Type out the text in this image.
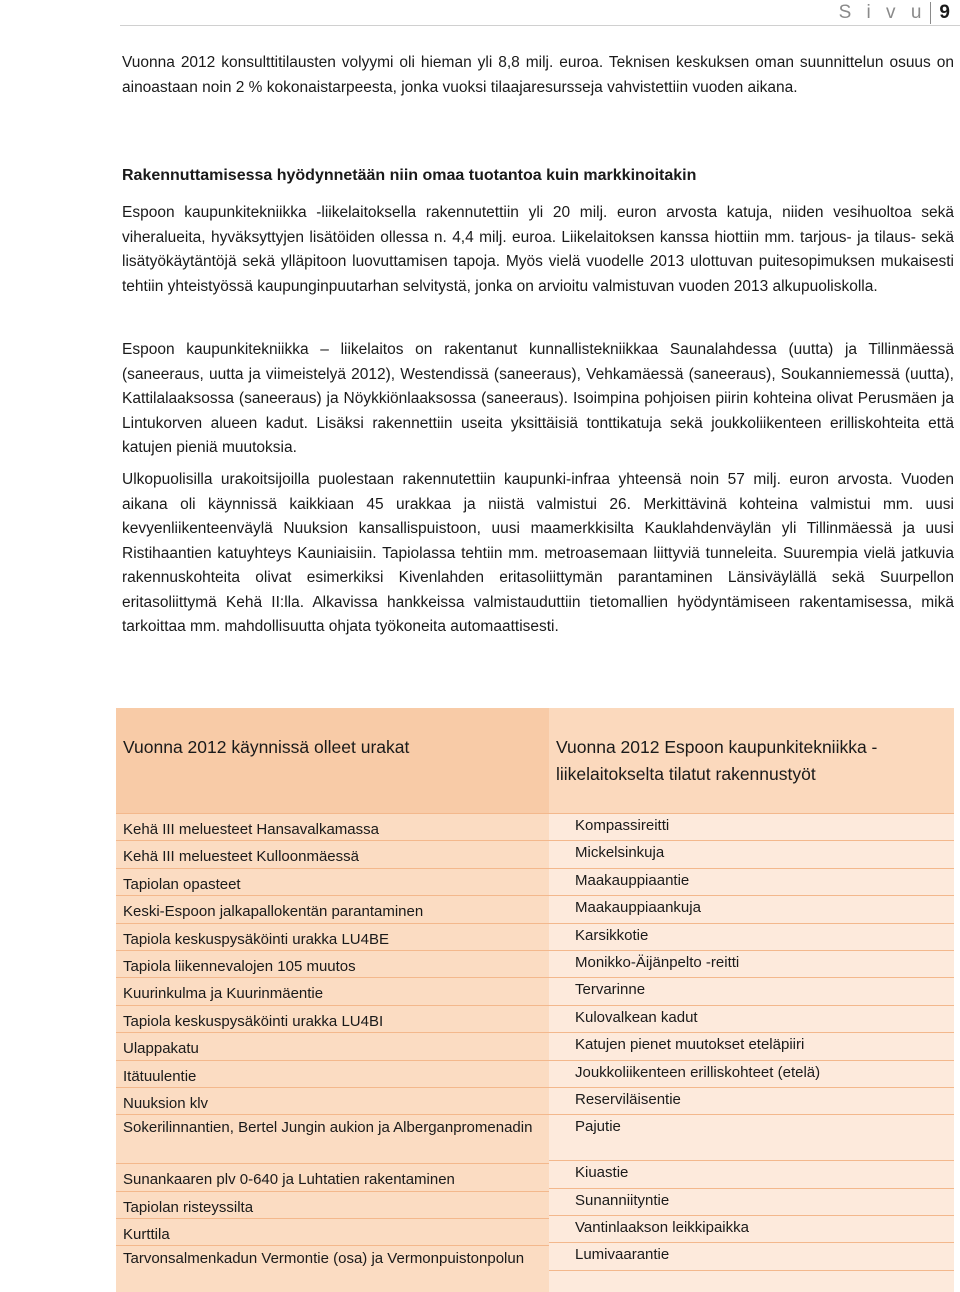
S i v u 9

Vuonna 2012 konsulttitilausten volyymi oli hieman yli 8,8 milj. euroa. Teknisen keskuksen oman suunnittelun osuus on ainoastaan noin 2 % kokonaistarpeesta, jonka vuoksi tilaajaresursseja vahvistettiin vuoden aikana.

Rakennuttamisessa hyödynnetään niin omaa tuotantoa kuin markkinoitakin

Espoon kaupunkitekniikka -liikelaitoksella rakennutettiin yli 20 milj. euron arvosta katuja, niiden vesihuoltoa sekä viheralueita, hyväksyttyjen lisätöiden ollessa n. 4,4 milj. euroa. Liikelaitoksen kanssa hiottiin mm. tarjous- ja tilaus- sekä lisätyökäytäntöjä sekä ylläpitoon luovuttamisen tapoja. Myös vielä vuodelle 2013 ulottuvan puitesopimuksen mukaisesti tehtiin yhteistyössä kaupunginpuutarhan selvitystä, jonka on arvioitu valmistuvan vuoden 2013 alkupuoliskolla.

Espoon kaupunkitekniikka – liikelaitos on rakentanut kunnallistekniikkaa Saunalahdessa (uutta) ja Tillinmäessä (saneeraus, uutta ja viimeistelyä 2012), Westendissä (saneeraus), Vehkamäessä (saneeraus), Soukanniemessä (uutta), Kattilalaaksossa (saneeraus) ja Nöykkiönlaaksossa (saneeraus). Isoimpina pohjoisen piirin kohteina olivat Perusmäen ja Lintukorven alueen kadut. Lisäksi rakennettiin useita yksittäisiä tonttikatuja sekä joukkoliikenteen erilliskohteita että katujen pieniä muutoksia.

Ulkopuolisilla urakoitsijoilla puolestaan rakennutettiin kaupunki-infraa yhteensä noin 57 milj. euron arvosta. Vuoden aikana oli käynnissä kaikkiaan 45 urakkaa ja niistä valmistui 26. Merkittävinä kohteina valmistui mm. uusi kevyenliikenteenväylä Nuuksion kansallispuistoon, uusi maamerkkisilta Kauklahdenväylän yli Tillinmäessä ja uusi Ristihaantien katuyhteys Kauniaisiin. Tapiolassa tehtiin mm. metroasemaan liittyviä tunneleita. Suurempia vielä jatkuvia rakennuskohteita olivat esimerkiksi Kivenlahden eritasoliittymän parantaminen Länsiväylällä sekä Suurpellon eritasoliittymä Kehä II:lla. Alkavissa hankkeissa valmistauduttiin tietomallien hyödyntämiseen rakentamisessa, mikä tarkoittaa mm. mahdollisuutta ohjata työkoneita automaattisesti.

Vuonna 2012 käynnissä olleet urakat
Kehä III meluesteet Hansavalkamassa
Kehä III meluesteet Kulloonmäessä
Tapiolan opasteet
Keski-Espoon jalkapallokentän parantaminen
Tapiola keskuspysäköinti urakka LU4BE
Tapiola liikennevalojen 105 muutos
Kuurinkulma ja Kuurinmäentie
Tapiola keskuspysäköinti urakka LU4BI
Ulappakatu
Itätuulentie
Nuuksion klv
Sokerilinnantien, Bertel Jungin aukion ja Alberganpromenadin
Sunankaaren plv 0-640 ja Luhtatien rakentaminen
Tapiolan risteyssilta
Kurttila
Tarvonsalmenkadun Vermontie (osa) ja Vermonpuistonpolun
Vuonna 2012 Espoon kaupunkitekniikka -liikelaitokselta tilatut rakennustyöt
Kompassireitti
Mickelsinkuja
Maakauppiaantie
Maakauppiaankuja
Karsikkotie
Monikko-Äijänpelto -reitti
Tervarinne
Kulovalkean kadut
Katujen pienet muutokset eteläpiiri
Joukkoliikenteen erilliskohteet (etelä)
Reserviläisentie
Pajutie
Kiuastie
Sunanniityntie
Vantinlaakson leikkipaikka
Lumivaarantie
